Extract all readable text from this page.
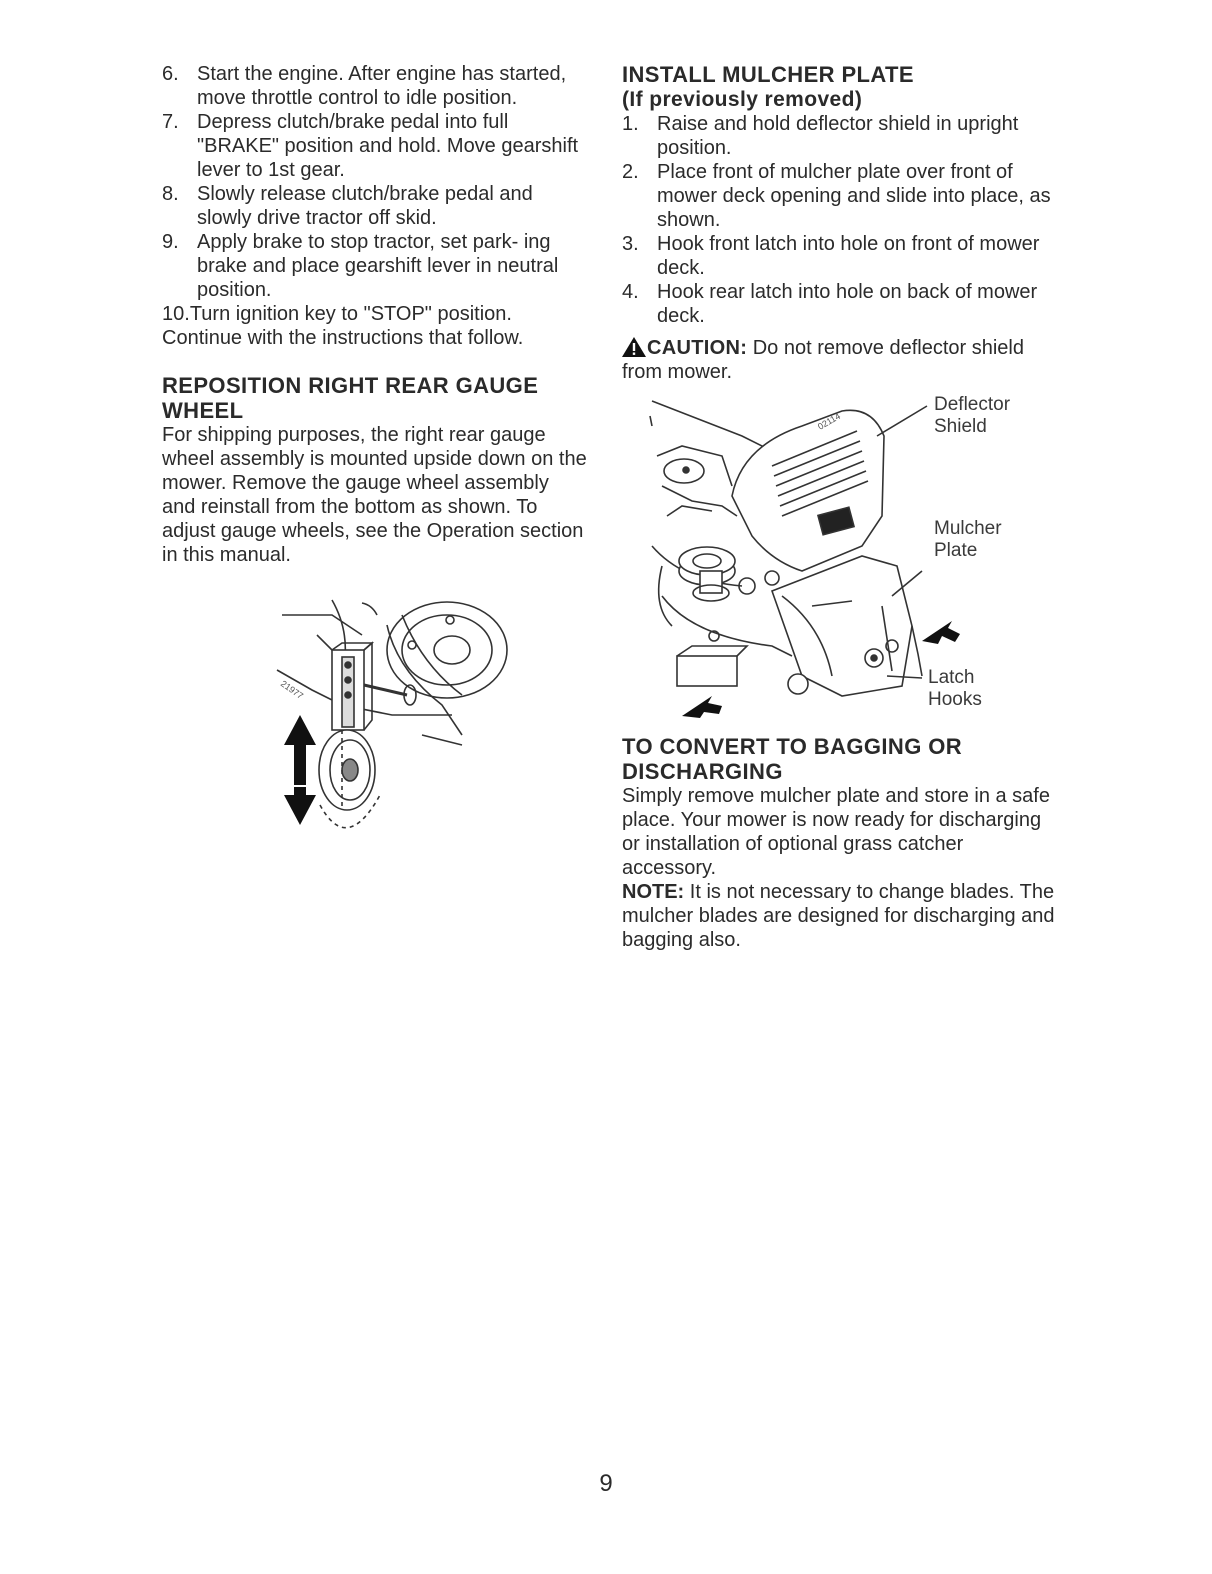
6. Start the engine. After engine has started, move throttle control to idle position.
7. Depress clutch/brake pedal into full "BRAKE" position and hold. Move gearshift lever to 1st gear.
8. Slowly release clutch/brake pedal and slowly drive tractor off skid.
9. Apply brake to stop tractor, set park- ing brake and place gearshift lever in neutral position.
10. Turn ignition key to "STOP" position.

Continue with the instructions that follow.

REPOSITION RIGHT REAR GAUGE WHEEL

For shipping purposes, the right rear gauge wheel assembly is mounted upside down on the mower. Remove the gauge wheel assembly and reinstall from the bottom as shown. To adjust gauge wheels, see the Operation section in this manual.

21977
INSTALL MULCHER PLATE
(If previously removed)
1. Raise and hold deflector shield in upright position.
2. Place front of mulcher plate over front of mower deck opening and slide into place, as shown.
3. Hook front latch into hole on front of mower deck.
4. Hook rear latch into hole on back of mower deck.

CAUTION: Do not remove deflector shield from mower.

02114
Deflector
Shield
Mulcher
Plate
Latch
Hooks
TO CONVERT TO BAGGING OR DISCHARGING

Simply remove mulcher plate and store in a safe place. Your mower is now ready for discharging or installation of optional grass catcher accessory.

NOTE: It is not necessary to change blades. The mulcher blades are designed for discharging and bagging also.

9
